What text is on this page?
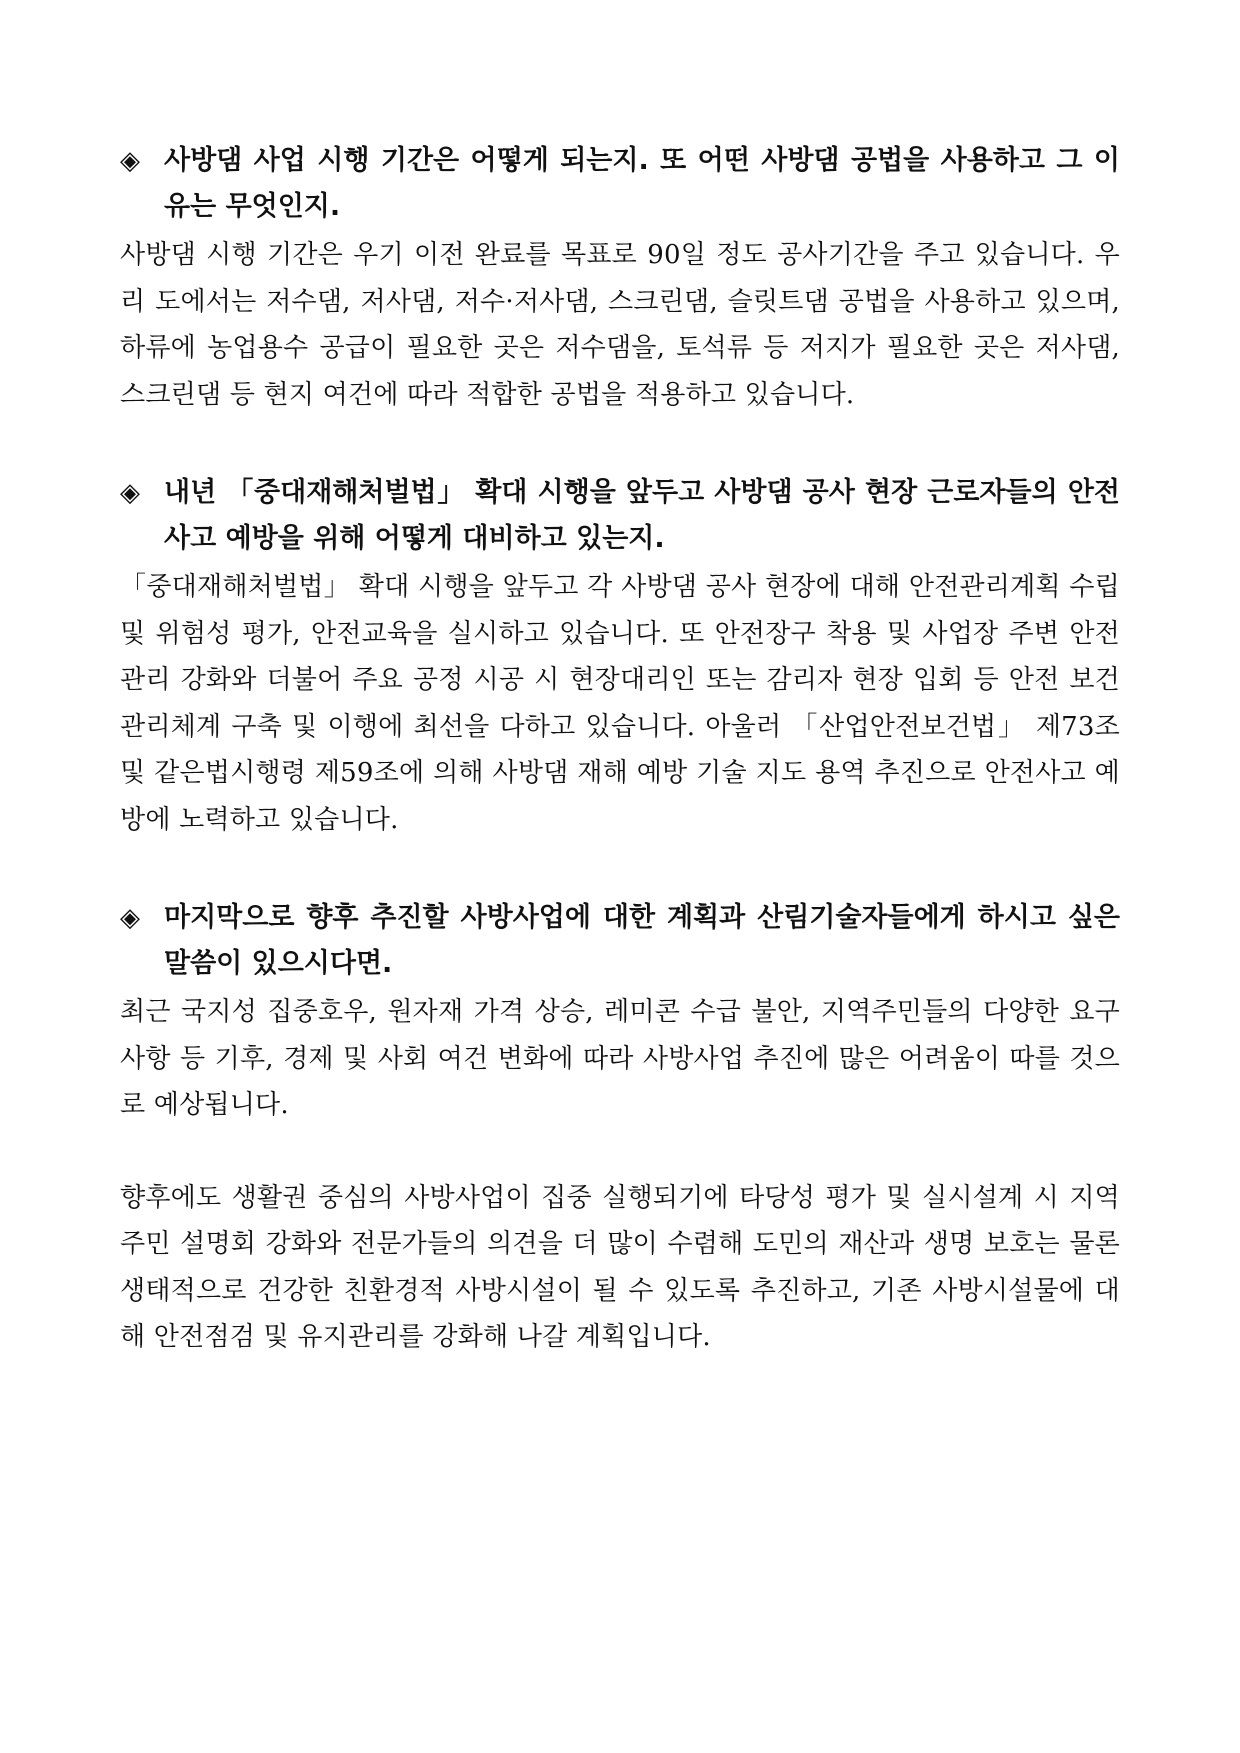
◈ 사방댐 사업 시행 기간은 어떻게 되는지. 또 어떤 사방댐 공법을 사용하고 그 이유는 무엇인지.

사방댐 시행 기간은 우기 이전 완료를 목표로 90일 정도 공사기간을 주고 있습니다. 우리 도에서는 저수댐, 저사댐, 저수·저사댐, 스크린댐, 슬릿트댐 공법을 사용하고 있으며, 하류에 농업용수 공급이 필요한 곳은 저수댐을, 토석류 등 저지가 필요한 곳은 저사댐, 스크린댐 등 현지 여건에 따라 적합한 공법을 적용하고 있습니다.

◈ 내년 「중대재해처벌법」 확대 시행을 앞두고 사방댐 공사 현장 근로자들의 안전사고 예방을 위해 어떻게 대비하고 있는지.

「중대재해처벌법」 확대 시행을 앞두고 각 사방댐 공사 현장에 대해 안전관리계획 수립 및 위험성 평가, 안전교육을 실시하고 있습니다. 또 안전장구 착용 및 사업장 주변 안전 관리 강화와 더불어 주요 공정 시공 시 현장대리인 또는 감리자 현장 입회 등 안전 보건 관리체계 구축 및 이행에 최선을 다하고 있습니다. 아울러 「산업안전보건법」 제73조 및 같은법시행령 제59조에 의해 사방댐 재해 예방 기술 지도 용역 추진으로 안전사고 예방에 노력하고 있습니다.

◈ 마지막으로 향후 추진할 사방사업에 대한 계획과 산림기술자들에게 하시고 싶은 말씀이 있으시다면.

최근 국지성 집중호우, 원자재 가격 상승, 레미콘 수급 불안, 지역주민들의 다양한 요구사항 등 기후, 경제 및 사회 여건 변화에 따라 사방사업 추진에 많은 어려움이 따를 것으로 예상됩니다.

향후에도 생활권 중심의 사방사업이 집중 실행되기에 타당성 평가 및 실시설계 시 지역주민 설명회 강화와 전문가들의 의견을 더 많이 수렴해 도민의 재산과 생명 보호는 물론 생태적으로 건강한 친환경적 사방시설이 될 수 있도록 추진하고, 기존 사방시설물에 대해 안전점검 및 유지관리를 강화해 나갈 계획입니다.
